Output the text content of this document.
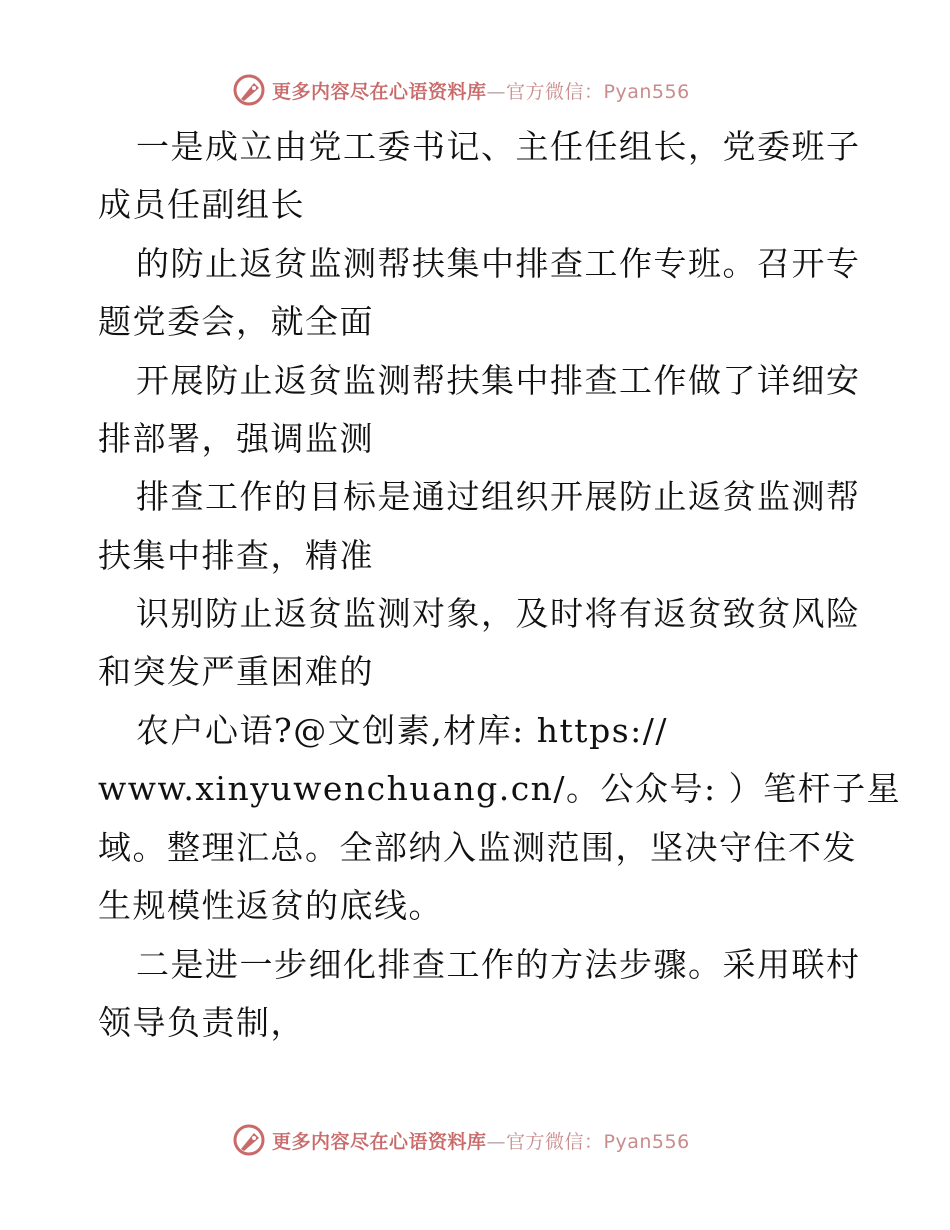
更多内容尽在心语资料库—官方微信：Pyan556
一是成立由党工委书记、主任任组长，党委班子
成员任副组长
的防止返贫监测帮扶集中排查工作专班。召开专
题党委会，就全面
开展防止返贫监测帮扶集中排查工作做了详细安
排部署，强调监测
排查工作的目标是通过组织开展防止返贫监测帮
扶集中排查，精准
识别防止返贫监测对象，及时将有返贫致贫风险
和突发严重困难的
农户心语?@文创素,材库: https://
www.xinyuwenchuang.cn/。公众号: ）笔杆子星
域。整理汇总。全部纳入监测范围，坚决守住不发
生规模性返贫的底线。
二是进一步细化排查工作的方法步骤。采用联村
领导负责制，
更多内容尽在心语资料库—官方微信：Pyan556
